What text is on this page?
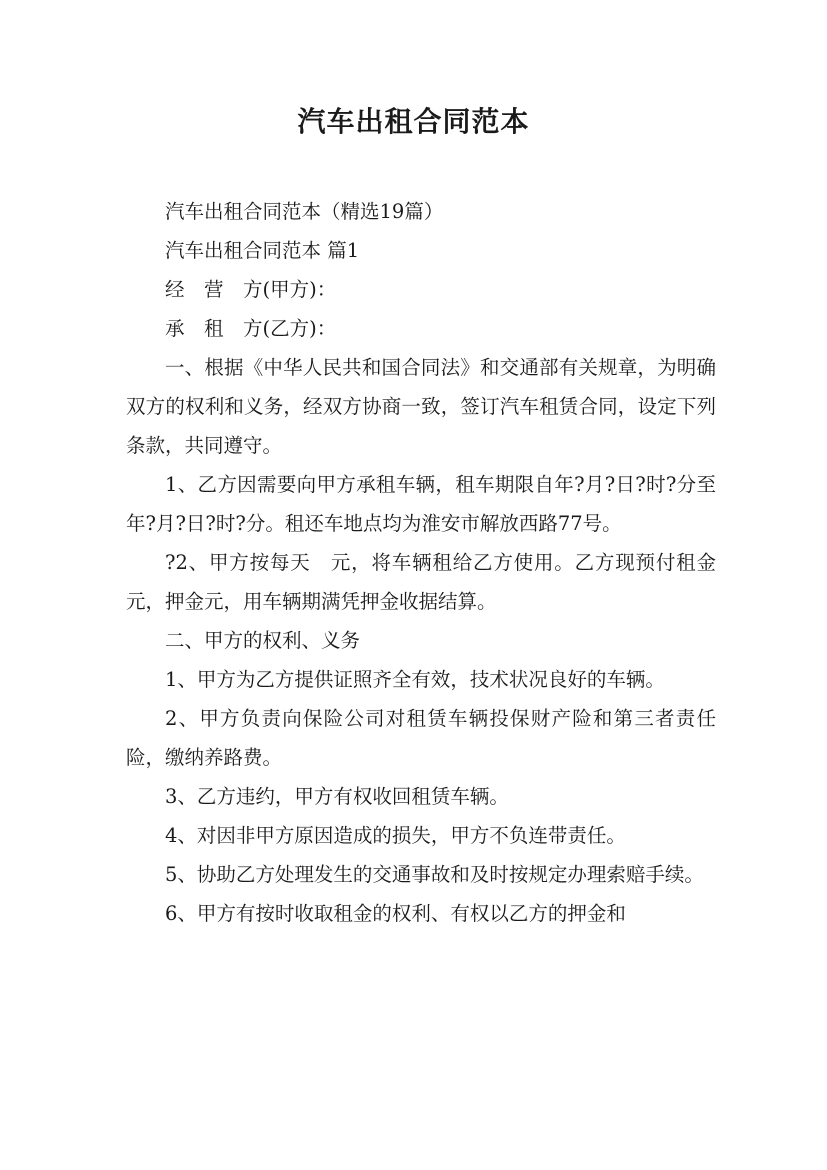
汽车出租合同范本

汽车出租合同范本（精选19篇）

汽车出租合同范本 篇1

经　营　方(甲方)：

承　租　方(乙方)：

一、根据《中华人民共和国合同法》和交通部有关规章，为明确双方的权利和义务，经双方协商一致，签订汽车租赁合同，设定下列条款，共同遵守。

1、乙方因需要向甲方承租车辆，租车期限自年?月?日?时?分至年?月?日?时?分。租还车地点均为淮安市解放西路77号。

?2、甲方按每天　元，将车辆租给乙方使用。乙方现预付租金元，押金元，用车辆期满凭押金收据结算。

二、甲方的权利、义务

1、甲方为乙方提供证照齐全有效，技术状况良好的车辆。

2、甲方负责向保险公司对租赁车辆投保财产险和第三者责任险，缴纳养路费。

3、乙方违约，甲方有权收回租赁车辆。

4、对因非甲方原因造成的损失，甲方不负连带责任。

5、协助乙方处理发生的交通事故和及时按规定办理索赔手续。

6、甲方有按时收取租金的权利、有权以乙方的押金和
